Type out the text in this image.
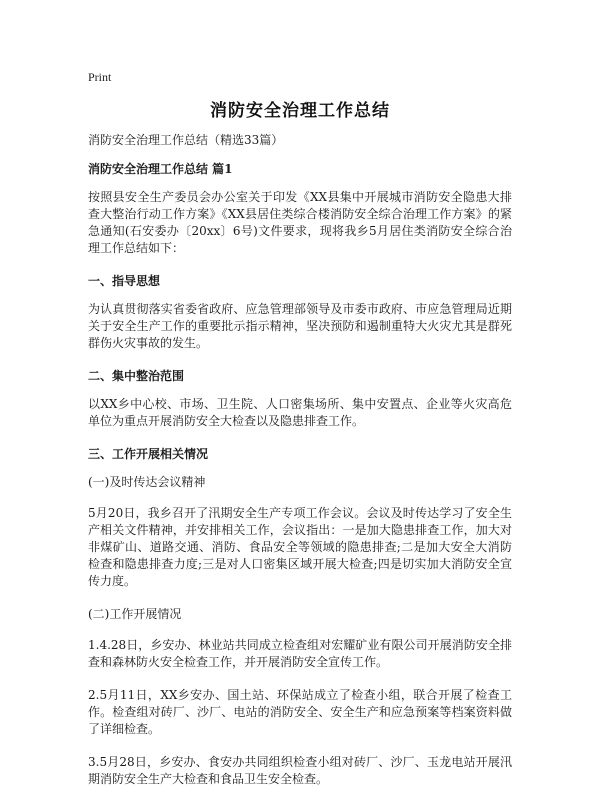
Print
消防安全治理工作总结

消防安全治理工作总结（精选33篇）

消防安全治理工作总结 篇1

按照县安全生产委员会办公室关于印发《XX县集中开展城市消防安全隐患大排查大整治行动工作方案》《XX县居住类综合楼消防安全综合治理工作方案》的紧急通知(石安委办〔20xx〕6号)文件要求，现将我乡5月居住类消防安全综合治理工作总结如下：

一、指导思想

为认真贯彻落实省委省政府、应急管理部领导及市委市政府、市应急管理局近期关于安全生产工作的重要批示指示精神，坚决预防和遏制重特大火灾尤其是群死群伤火灾事故的发生。

二、集中整治范围

以XX乡中心校、市场、卫生院、人口密集场所、集中安置点、企业等火灾高危单位为重点开展消防安全大检查以及隐患排查工作。

三、工作开展相关情况

(一)及时传达会议精神

5月20日，我乡召开了汛期安全生产专项工作会议。会议及时传达学习了安全生产相关文件精神，并安排相关工作，会议指出：一是加大隐患排查工作，加大对非煤矿山、道路交通、消防、食品安全等领域的隐患排查;二是加大安全大消防检查和隐患排查力度;三是对人口密集区域开展大检查;四是切实加大消防安全宣传力度。

(二)工作开展情况

1.4.28日，乡安办、林业站共同成立检查组对宏耀矿业有限公司开展消防安全排查和森林防火安全检查工作，并开展消防安全宣传工作。

2.5月11日，XX乡安办、国土站、环保站成立了检查小组，联合开展了检查工作。检查组对砖厂、沙厂、电站的消防安全、安全生产和应急预案等档案资料做了详细检查。

3.5月28日，乡安办、食安办共同组织检查小组对砖厂、沙厂、玉龙电站开展汛期消防安全生产大检查和食品卫生安全检查。
